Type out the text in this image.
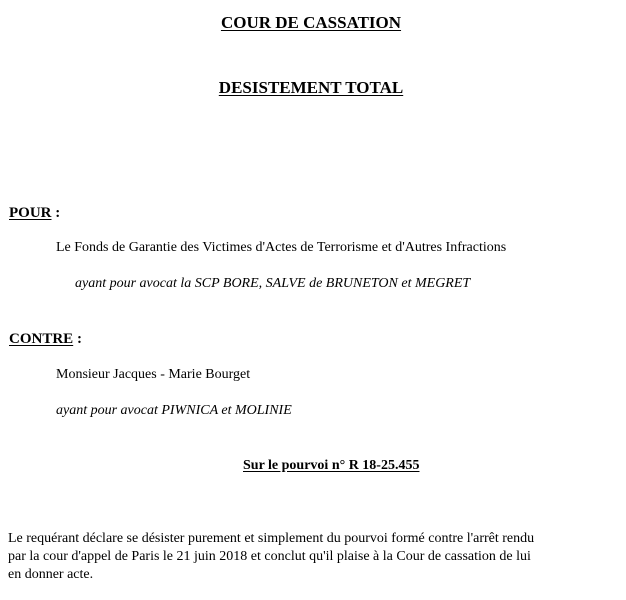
COUR DE CASSATION
DESISTEMENT TOTAL
POUR :
Le Fonds de Garantie des Victimes d'Actes de Terrorisme et d'Autres Infractions
ayant pour avocat la SCP BORE, SALVE de BRUNETON et MEGRET
CONTRE :
Monsieur Jacques - Marie Bourget
ayant pour avocat PIWNICA et MOLINIE
Sur le pourvoi n° R 18-25.455
Le requérant déclare se désister purement et simplement du pourvoi formé contre l'arrêt rendu
par la cour d'appel de Paris le 21 juin 2018 et conclut qu'il plaise à la Cour de cassation de lui
en donner acte.
